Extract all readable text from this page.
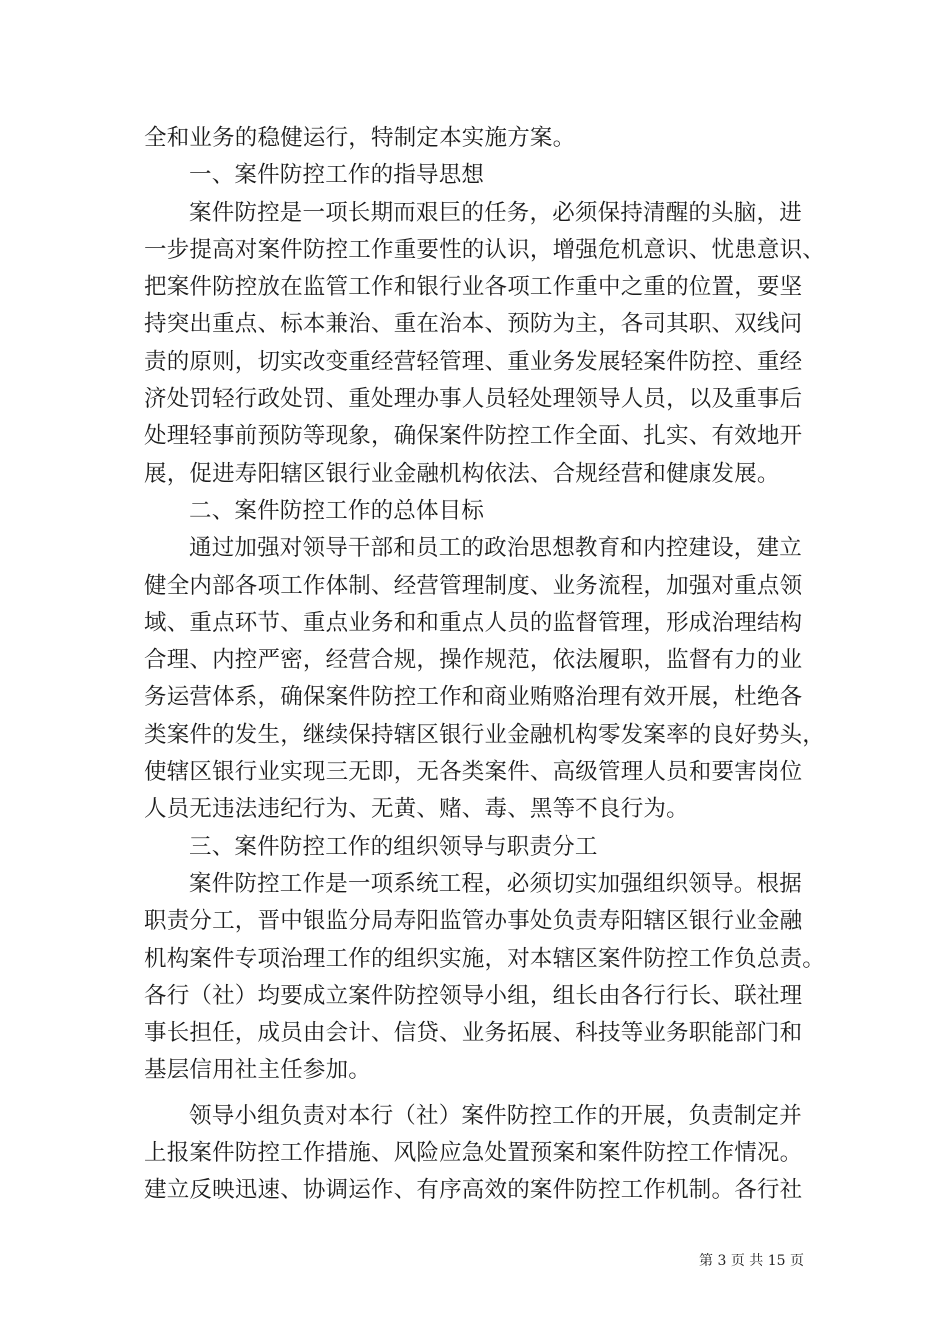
全和业务的稳健运行，特制定本实施方案。
一、案件防控工作的指导思想
案件防控是一项长期而艰巨的任务，必须保持清醒的头脑，进
一步提高对案件防控工作重要性的认识，增强危机意识、忧患意识、
把案件防控放在监管工作和银行业各项工作重中之重的位置，要坚
持突出重点、标本兼治、重在治本、预防为主，各司其职、双线问
责的原则，切实改变重经营轻管理、重业务发展轻案件防控、重经
济处罚轻行政处罚、重处理办事人员轻处理领导人员，以及重事后
处理轻事前预防等现象，确保案件防控工作全面、扎实、有效地开
展，促进寿阳辖区银行业金融机构依法、合规经营和健康发展。
二、案件防控工作的总体目标
通过加强对领导干部和员工的政治思想教育和内控建设，建立
健全内部各项工作体制、经营管理制度、业务流程，加强对重点领
域、重点环节、重点业务和和重点人员的监督管理，形成治理结构
合理、内控严密，经营合规，操作规范，依法履职，监督有力的业
务运营体系，确保案件防控工作和商业贿赂治理有效开展，杜绝各
类案件的发生，继续保持辖区银行业金融机构零发案率的良好势头，
使辖区银行业实现三无即，无各类案件、高级管理人员和要害岗位
人员无违法违纪行为、无黄、赌、毒、黑等不良行为。
三、案件防控工作的组织领导与职责分工
案件防控工作是一项系统工程，必须切实加强组织领导。根据
职责分工，晋中银监分局寿阳监管办事处负责寿阳辖区银行业金融
机构案件专项治理工作的组织实施，对本辖区案件防控工作负总责。
各行（社）均要成立案件防控领导小组，组长由各行行长、联社理
事长担任，成员由会计、信贷、业务拓展、科技等业务职能部门和
基层信用社主任参加。
领导小组负责对本行（社）案件防控工作的开展，负责制定并
上报案件防控工作措施、风险应急处置预案和案件防控工作情况。
建立反映迅速、协调运作、有序高效的案件防控工作机制。各行社
第 3 页 共 15 页
